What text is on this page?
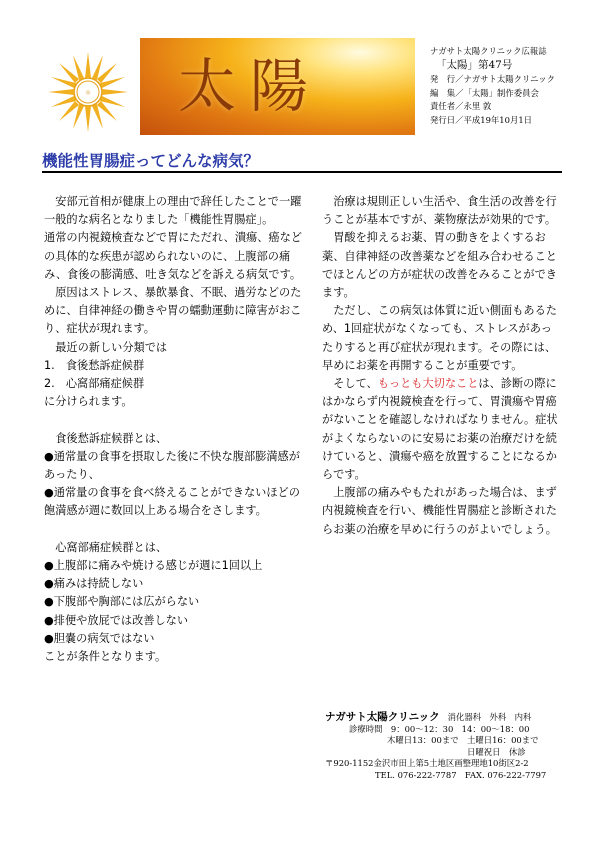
☼ 太陽
ナガサト太陽クリニック広報誌
「太陽」第47号
発　行／ナガサト太陽クリニック
編　集／「太陽」制作委員会
責任者／永里 敦
発行日／平成19年10月1日
機能性胃腸症ってどんな病気？

安部元首相が健康上の理由で辞任したことで一躍一般的な病名となりました「機能性胃腸症」。

通常の内視鏡検査などで胃にただれ、潰瘍、癌などの具体的な疾患が認められないのに、上腹部の痛み、食後の膨満感、吐き気などを訴える病気です。

原因はストレス、暴飲暴食、不眠、過労などのために、自律神経の働きや胃の蠕動運動に障害がおこり、症状が現れます。

最近の新しい分類では

1.　食後愁訴症候群

2.　心窩部痛症候群

に分けられます。

食後愁訴症候群とは、

●通常量の食事を摂取した後に不快な腹部膨満感があったり、

●通常量の食事を食べ終えることができないほどの飽満感が週に数回以上ある場合をさします。

心窩部痛症候群とは、

●上腹部に痛みや焼ける感じが週に1回以上

●痛みは持続しない

●下腹部や胸部には広がらない

●排便や放屁では改善しない

●胆嚢の病気ではない

ことが条件となります。

治療は規則正しい生活や、食生活の改善を行うことが基本ですが、薬物療法が効果的です。

胃酸を抑えるお薬、胃の動きをよくするお薬、自律神経の改善薬などを組み合わせることでほとんどの方が症状の改善をみることができます。

ただし、この病気は体質に近い側面もあるため、1回症状がなくなっても、ストレスがあったりすると再び症状が現れます。その際には、早めにお薬を再開することが重要です。

そして、もっとも大切なことは、診断の際にはかならず内視鏡検査を行って、胃潰瘍や胃癌がないことを確認しなければなりません。症状がよくならないのに安易にお薬の治療だけを続けていると、潰瘍や癌を放置することになるからです。

上腹部の痛みやもたれがあった場合は、まず内視鏡検査を行い、機能性胃腸症と診断されたらお薬の治療を早めに行うのがよいでしょう。

ナガサト太陽クリニック 消化器科　外科　内科
診療時間　9：00～12：30　14：00～18：00
木曜日13：00まで　土曜日16：00まで
日曜祝日　休診
〒920-1152金沢市田上第5土地区画整理地10街区2-2
TEL. 076-222-7787　FAX. 076-222-7797
